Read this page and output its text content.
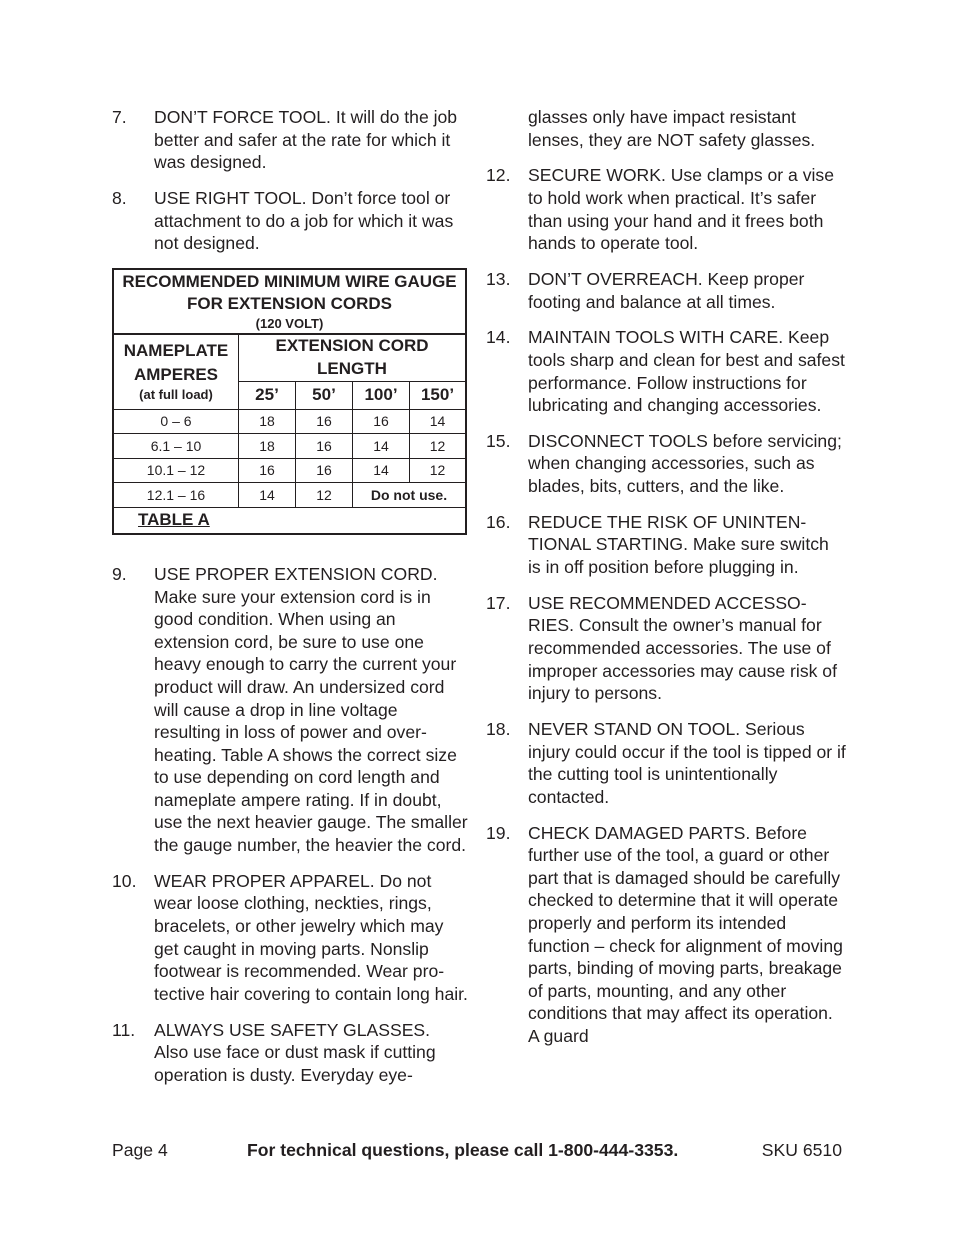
7.	DON’T FORCE TOOL. It will do the job better and safer at the rate for which it was designed.
8.	USE RIGHT TOOL. Don’t force tool or attachment to do a job for which it was not designed.
RECOMMENDED MINIMUM WIRE GAUGE FOR EXTENSION CORDS
(120 VOLT)				

NAMEPLATE AMPERES
(at full load)	EXTENSION CORD LENGTH			
	25’	50’	100’	150’
0 – 6	18	16	16	14
6.1 – 10	18	16	14	12
10.1 – 12	16	16	14	12
12.1 – 16	14	12	Do not use.	
TABLE A				
9.	USE PROPER EXTENSION CORD. Make sure your extension cord is in good condition. When using an extension cord, be sure to use one heavy enough to carry the current your product will draw. An undersized cord will cause a drop in line voltage resulting in loss of power and overheating. Table A shows the correct size to use depending on cord length and nameplate ampere rating. If in doubt, use the next heavier gauge. The smaller the gauge number, the heavier the cord.
10. WEAR PROPER APPAREL. Do not wear loose clothing, neckties, rings, bracelets, or other jewelry which may get caught in moving parts. Nonslip footwear is recommended. Wear protective hair covering to contain long hair.
11.	ALWAYS USE SAFETY GLASSES. Also use face or dust mask if cutting operation is dusty. Everyday eye-
glasses only have impact resistant lenses, they are NOT safety glasses.
12. SECURE WORK. Use clamps or a vise to hold work when practical. It’s safer than using your hand and it frees both hands to operate tool.
13. DON’T OVERREACH. Keep proper footing and balance at all times.
14. MAINTAIN TOOLS WITH CARE. Keep tools sharp and clean for best and safest performance. Follow instructions for lubricating and changing accessories.
15. DISCONNECT TOOLS before servicing; when changing accessories, such as blades, bits, cutters, and the like.
16. REDUCE THE RISK OF UNINTENTIONAL STARTING. Make sure switch is in off position before plugging in.
17. USE RECOMMENDED ACCESSORIES. Consult the owner’s manual for recommended accessories. The use of improper accessories may cause risk of injury to persons.
18. NEVER STAND ON TOOL. Serious injury could occur if the tool is tipped or if the cutting tool is unintentionally contacted.
19. CHECK DAMAGED PARTS. Before further use of the tool, a guard or other part that is damaged should be carefully checked to determine that it will operate properly and perform its intended function – check for alignment of moving parts, binding of moving parts, breakage of parts, mounting, and any other conditions that may affect its operation. A guard
Page 4	For technical questions, please call 1-800-444-3353.	SKU 6510
